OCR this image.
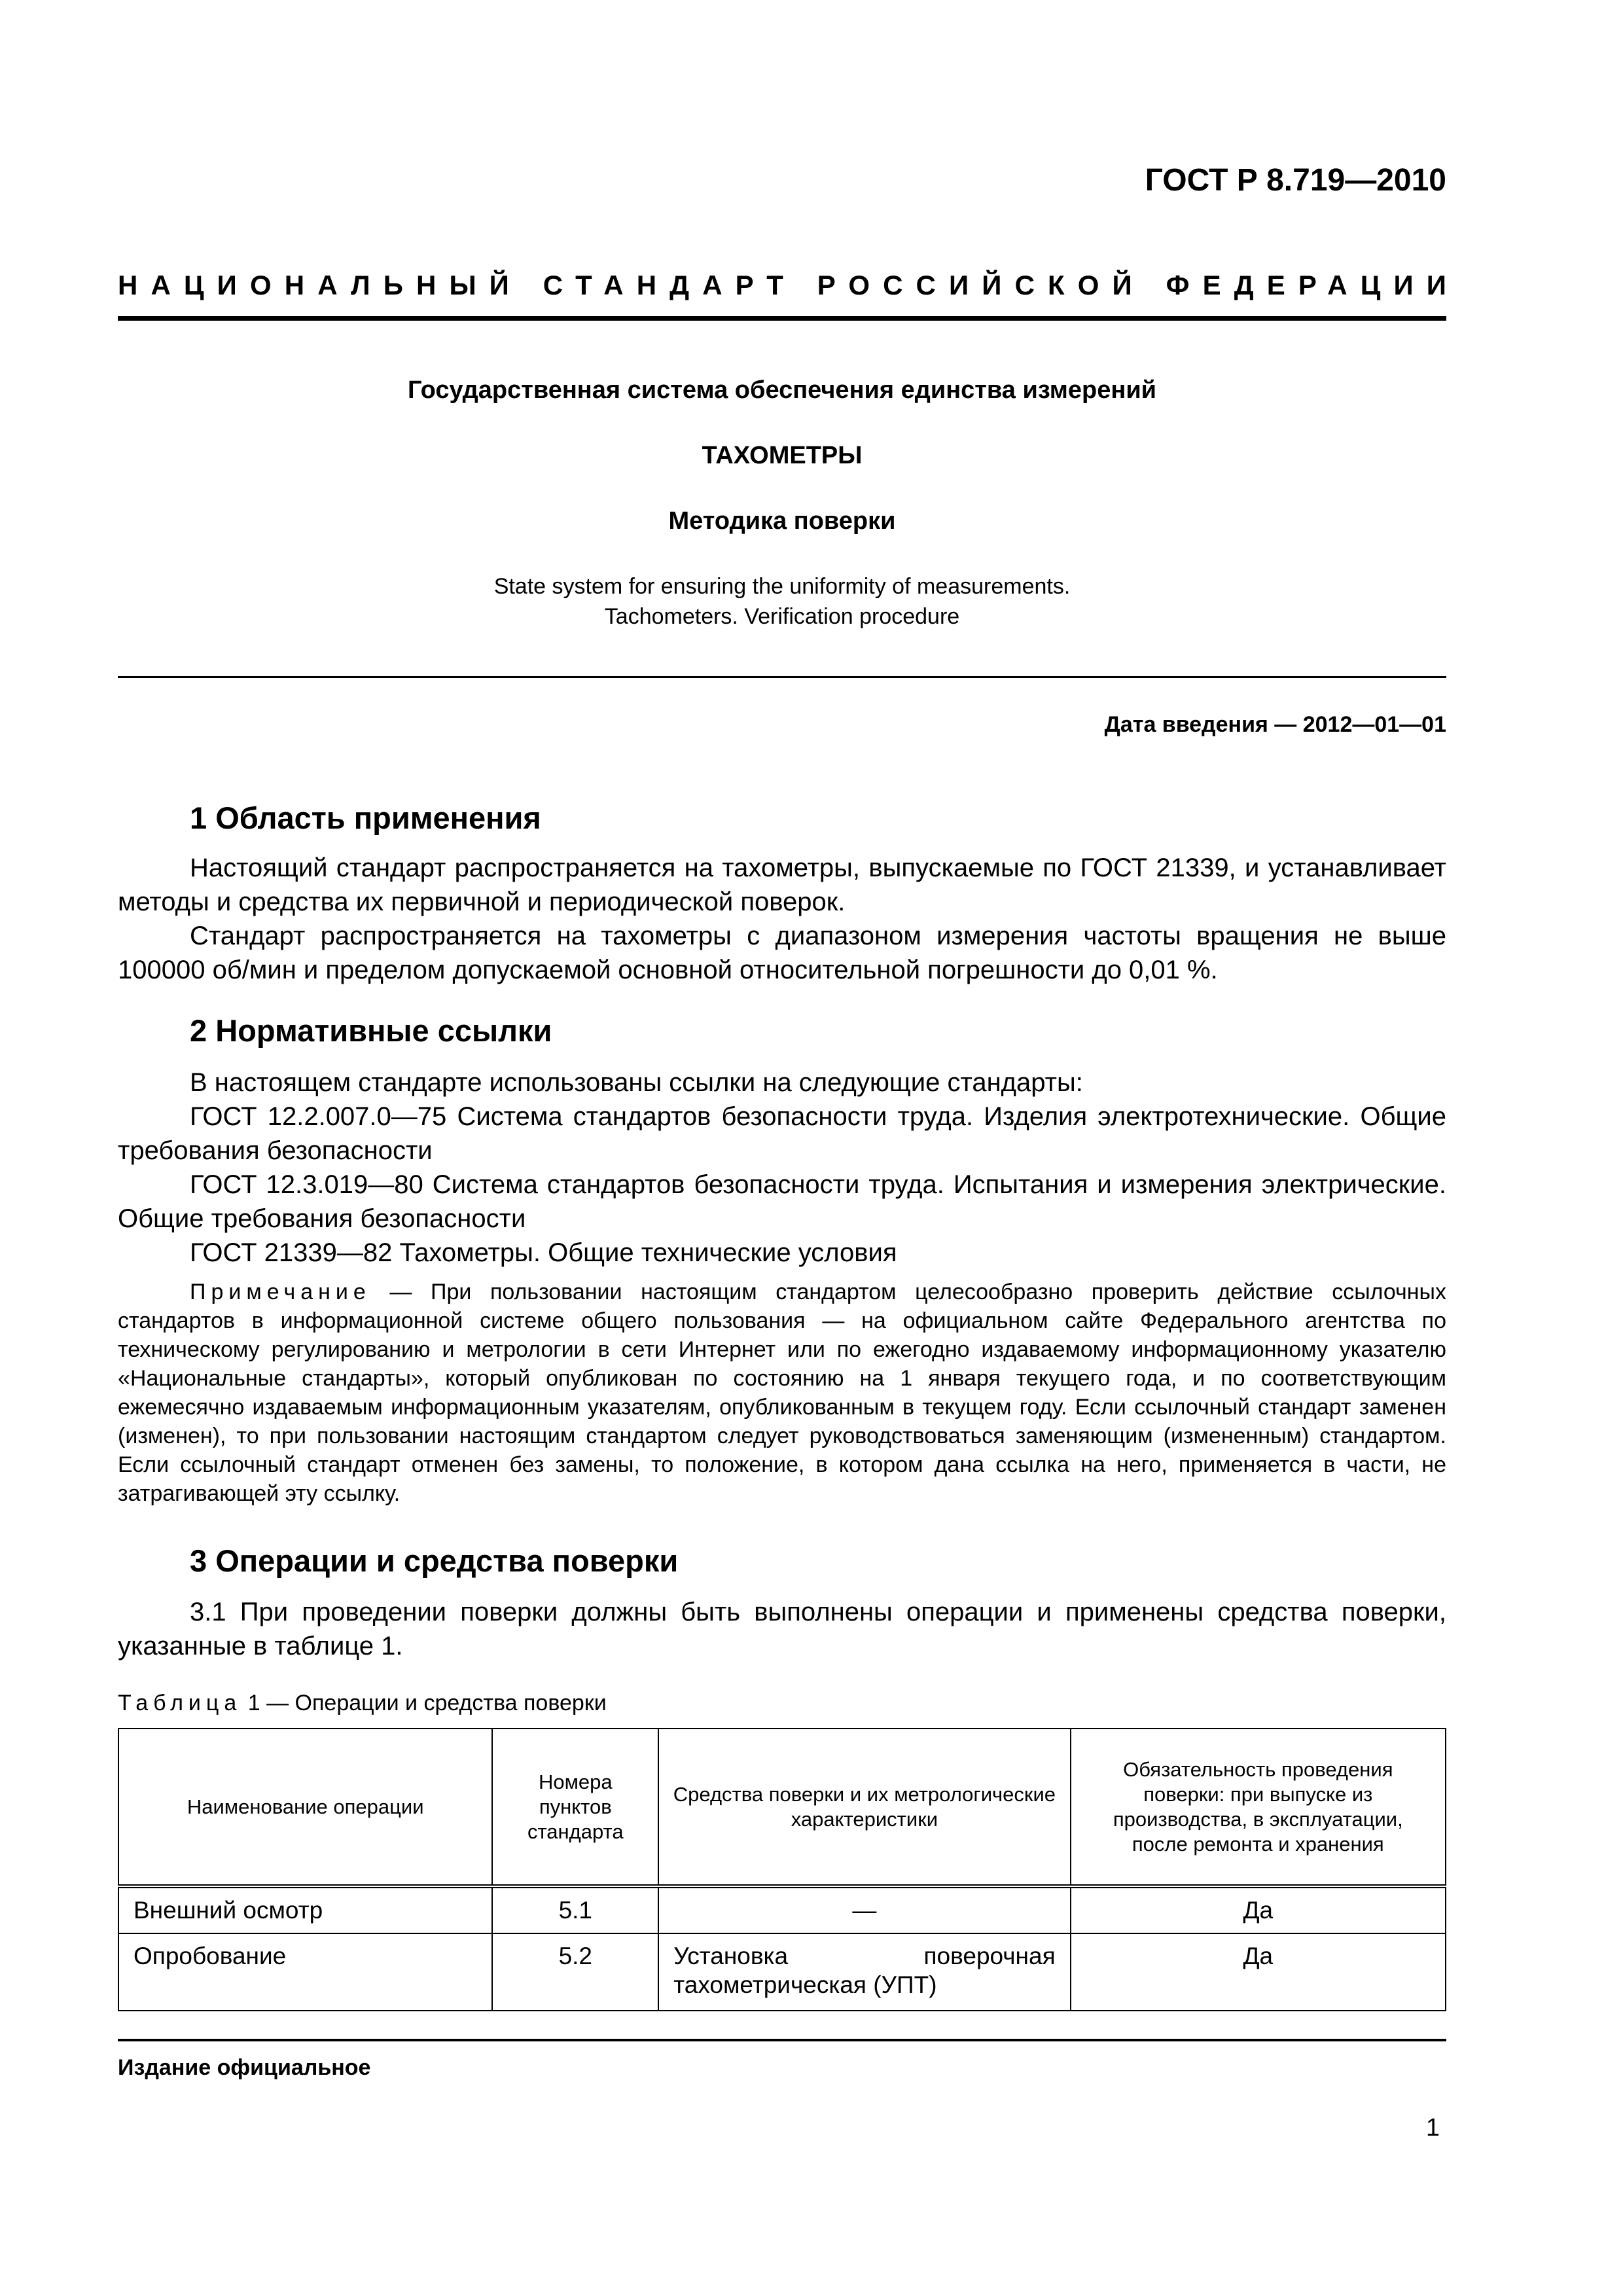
ГОСТ Р 8.719—2010
НАЦИОНАЛЬНЫЙ СТАНДАРТ РОССИЙСКОЙ ФЕДЕРАЦИИ
Государственная система обеспечения единства измерений
ТАХОМЕТРЫ
Методика поверки
State system for ensuring the uniformity of measurements.
Tachometers. Verification procedure
Дата введения — 2012—01—01
1 Область применения

Настоящий стандарт распространяется на тахометры, выпускаемые по ГОСТ 21339, и устанавливает методы и средства их первичной и периодической поверок.

Стандарт распространяется на тахометры с диапазоном измерения частоты вращения не выше 100000 об/мин и пределом допускаемой основной относительной погрешности до 0,01 %.

2 Нормативные ссылки

В настоящем стандарте использованы ссылки на следующие стандарты:

ГОСТ 12.2.007.0—75 Система стандартов безопасности труда. Изделия электротехнические. Общие требования безопасности

ГОСТ 12.3.019—80 Система стандартов безопасности труда. Испытания и измерения электрические. Общие требования безопасности

ГОСТ 21339—82 Тахометры. Общие технические условия

Примечание — При пользовании настоящим стандартом целесообразно проверить действие ссылочных стандартов в информационной системе общего пользования — на официальном сайте Федерального агентства по техническому регулированию и метрологии в сети Интернет или по ежегодно издаваемому информационному указателю «Национальные стандарты», который опубликован по состоянию на 1 января текущего года, и по соответствующим ежемесячно издаваемым информационным указателям, опубликованным в текущем году. Если ссылочный стандарт заменен (изменен), то при пользовании настоящим стандартом следует руководствоваться заменяющим (измененным) стандартом. Если ссылочный стандарт отменен без замены, то положение, в котором дана ссылка на него, применяется в части, не затрагивающей эту ссылку.
3 Операции и средства поверки

3.1 При проведении поверки должны быть выполнены операции и применены средства поверки, указанные в таблице 1.

Таблица 1 — Операции и средства поверки
Наименование операции	Номера пунктов стандарта	Средства поверки и их метрологические характеристики	Обязательность проведения поверки: при выпуске из производства, в эксплуатации, после ремонта и хранения
Внешний осмотр	5.1	—	Да
Опробование	5.2	Установка поверочная тахометрическая (УПТ)	Да
Издание официальное
1
